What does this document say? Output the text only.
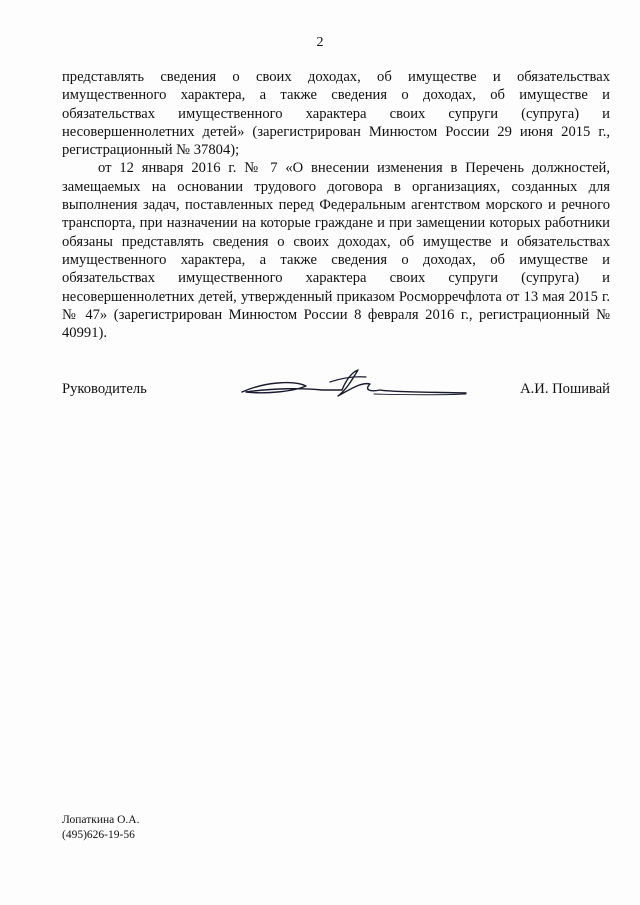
2

представлять сведения о своих доходах, об имуществе и обязательствах имущественного характера, а также сведения о доходах, об имуществе и обязательствах имущественного характера своих супруги (супруга) и несовершеннолетних детей» (зарегистрирован Минюстом России 29 июня 2015 г., регистрационный № 37804);

от 12 января 2016 г. № 7 «О внесении изменения в Перечень должностей, замещаемых на основании трудового договора в организациях, созданных для выполнения задач, поставленных перед Федеральным агентством морского и речного транспорта, при назначении на которые граждане и при замещении которых работники обязаны представлять сведения о своих доходах, об имуществе и обязательствах имущественного характера, а также сведения о доходах, об имуществе и обязательствах имущественного характера своих супруги (супруга) и несовершеннолетних детей, утвержденный приказом Росморречфлота от 13 мая 2015 г. № 47» (зарегистрирован Минюстом России 8 февраля 2016 г., регистрационный № 40991).

Руководитель	А.И. Пошивай
Лопаткина О.А.
(495)626-19-56
